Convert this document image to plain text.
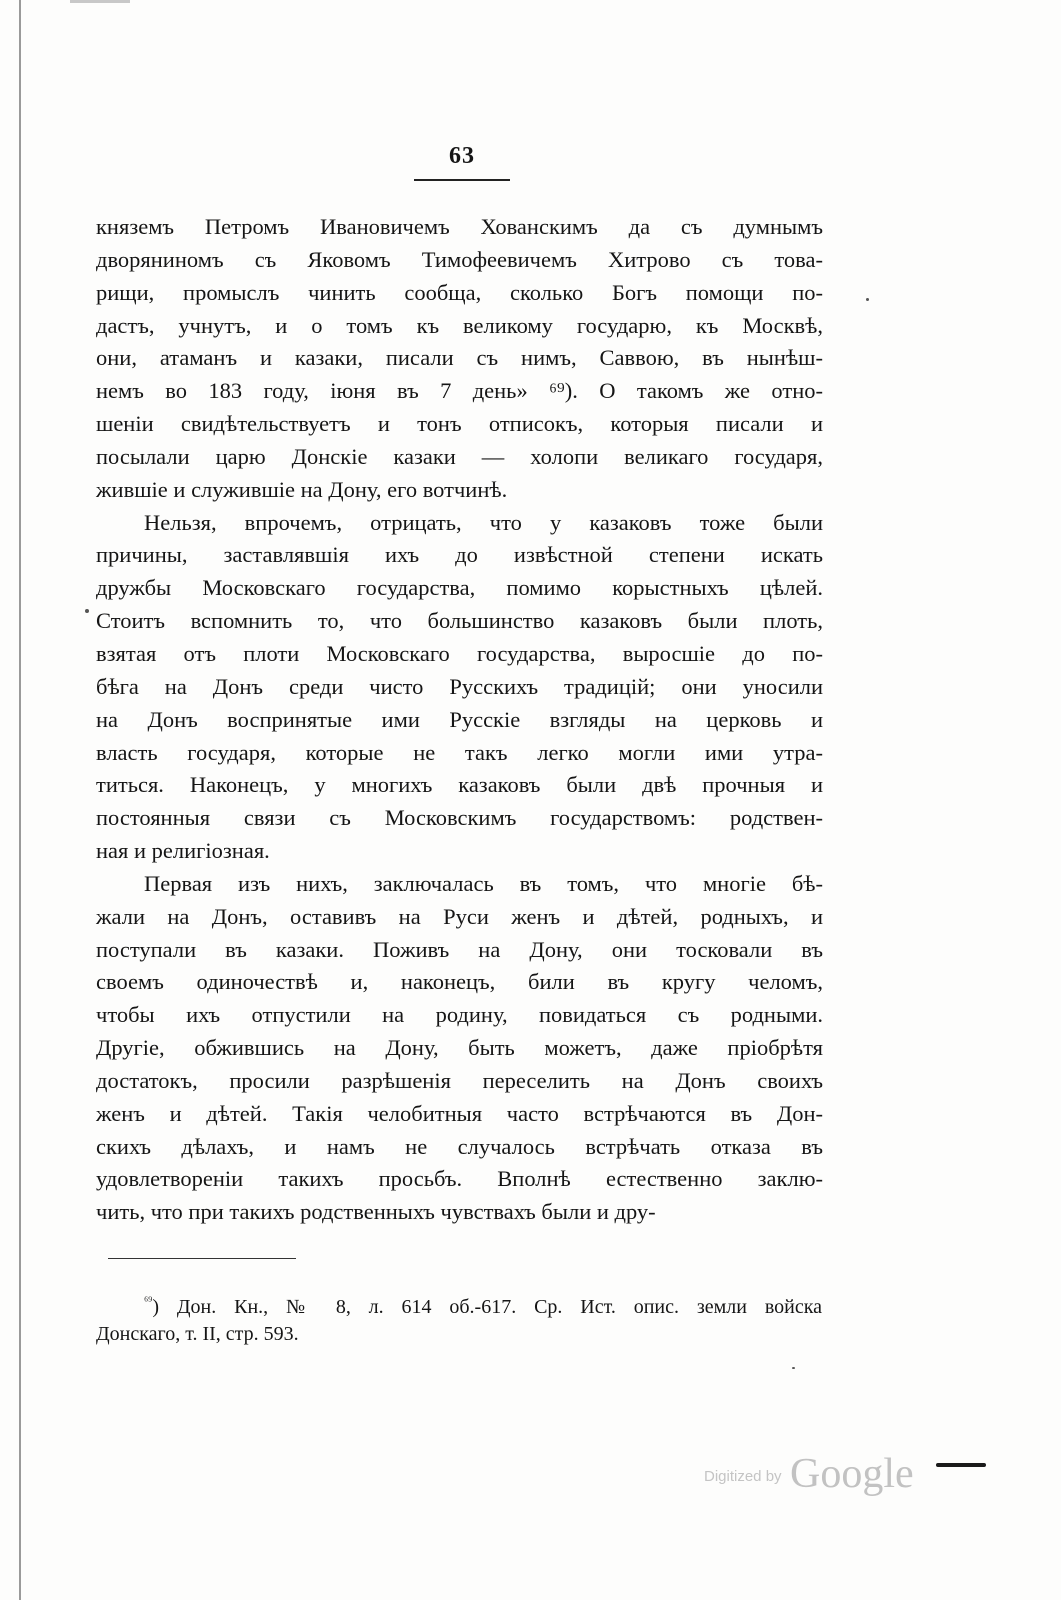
63
княземъ Петромъ Ивановичемъ Хованскимъ да съ думнымъ
дворяниномъ съ Яковомъ Тимофеевичемъ Хитрово съ това-
рищи, промыслъ чинить сообща, сколько Богъ помощи по-
дастъ, учнутъ, и о томъ къ великому государю, къ Москвѣ,
они, атаманъ и казаки, писали съ нимъ, Саввою, въ нынѣш-
немъ во 183 году, іюня въ 7 день» ⁶⁹). О такомъ же отно-
шеніи свидѣтельствуетъ и тонъ отписокъ, которыя писали и
посылали царю Донскіе казаки — холопи великаго государя,
жившіе и служившіе на Дону, его вотчинѣ.
Нельзя, впрочемъ, отрицать, что у казаковъ тоже были
причины, заставлявшія ихъ до извѣстной степени искать
дружбы Московскаго государства, помимо корыстныхъ цѣлей.
Стоитъ вспомнить то, что большинство казаковъ были плоть,
взятая отъ плоти Московскаго государства, выросшіе до по-
бѣга на Донъ среди чисто Русскихъ традицій; они уносили
на Донъ воспринятые ими Русскіе взгляды на церковь и
власть государя, которые не такъ легко могли ими утра-
титься. Наконецъ, у многихъ казаковъ были двѣ прочныя и
постоянныя связи съ Московскимъ государствомъ: родствен-
ная и религіозная.
Первая изъ нихъ, заключалась въ томъ, что многіе бѣ-
жали на Донъ, оставивъ на Руси женъ и дѣтей, родныхъ, и
поступали въ казаки. Поживъ на Дону, они тосковали въ
своемъ одиночествѣ и, наконецъ, били въ кругу челомъ,
чтобы ихъ отпустили на родину, повидаться съ родными.
Другіе, обжившись на Дону, быть можетъ, даже пріобрѣтя
достатокъ, просили разрѣшенія переселить на Донъ своихъ
женъ и дѣтей. Такія челобитныя часто встрѣчаются въ Дон-
скихъ дѣлахъ, и намъ не случалось встрѣчать отказа въ
удовлетвореніи такихъ просьбъ. Вполнѣ естественно заклю-
чить, что при такихъ родственныхъ чувствахъ были и дру-
$^{^{69}}$) Дон. Кн., № 8, л. 614 об.-617. Ср. Ист. опис. земли войска
Донскаго, т. II, стр. 593.
Digitized by Google
